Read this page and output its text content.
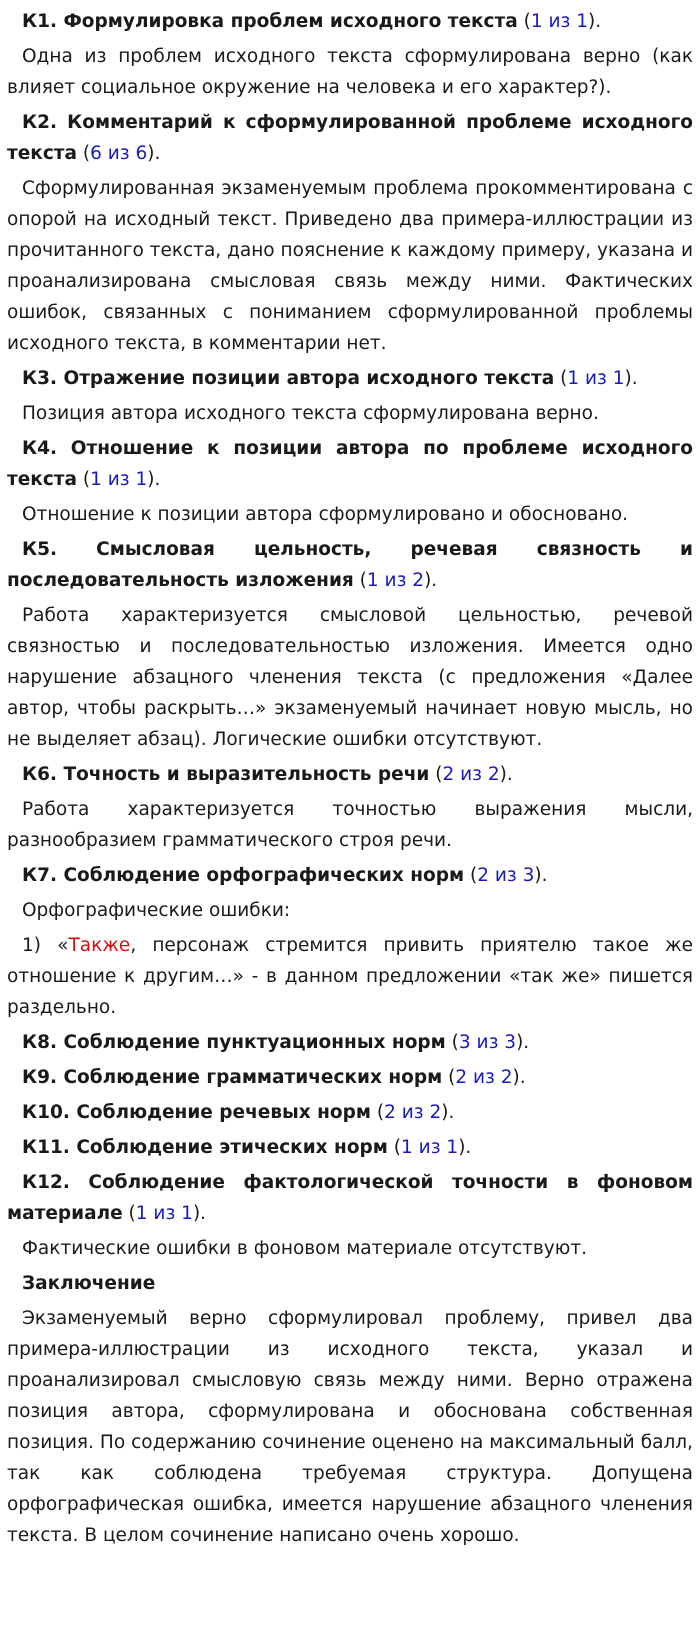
К1. Формулировка проблем исходного текста (1 из 1).

Одна из проблем исходного текста сформулирована верно (как влияет социальное окружение на человека и его характер?).

К2. Комментарий к сформулированной проблеме исходного текста (6 из 6).

Сформулированная экзаменуемым проблема прокомментирована с опорой на исходный текст. Приведено два примера-иллюстрации из прочитанного текста, дано пояснение к каждому примеру, указана и проанализирована смысловая связь между ними. Фактических ошибок, связанных с пониманием сформулированной проблемы исходного текста, в комментарии нет.

К3. Отражение позиции автора исходного текста (1 из 1).

Позиция автора исходного текста сформулирована верно.

К4. Отношение к позиции автора по проблеме исходного текста (1 из 1).

Отношение к позиции автора сформулировано и обосновано.

К5. Смысловая цельность, речевая связность и последовательность изложения (1 из 2).

Работа характеризуется смысловой цельностью, речевой связностью и последовательностью изложения. Имеется одно нарушение абзацного членения текста (с предложения «Далее автор, чтобы раскрыть…» экзаменуемый начинает новую мысль, но не выделяет абзац). Логические ошибки отсутствуют.

К6. Точность и выразительность речи (2 из 2).

Работа характеризуется точностью выражения мысли, разнообразием грамматического строя речи.

К7. Соблюдение орфографических норм (2 из 3).

Орфографические ошибки:

1) «Также, персонаж стремится привить приятелю такое же отношение к другим…» - в данном предложении «так же» пишется раздельно.

К8. Соблюдение пунктуационных норм (3 из 3).

К9. Соблюдение грамматических норм (2 из 2).

К10. Соблюдение речевых норм (2 из 2).

К11. Соблюдение этических норм (1 из 1).

К12. Соблюдение фактологической точности в фоновом материале (1 из 1).

Фактические ошибки в фоновом материале отсутствуют.

Заключение

Экзаменуемый верно сформулировал проблему, привел два примера-иллюстрации из исходного текста, указал и проанализировал смысловую связь между ними. Верно отражена позиция автора, сформулирована и обоснована собственная позиция. По содержанию сочинение оценено на максимальный балл, так как соблюдена требуемая структура. Допущена орфографическая ошибка, имеется нарушение абзацного членения текста. В целом сочинение написано очень хорошо.
